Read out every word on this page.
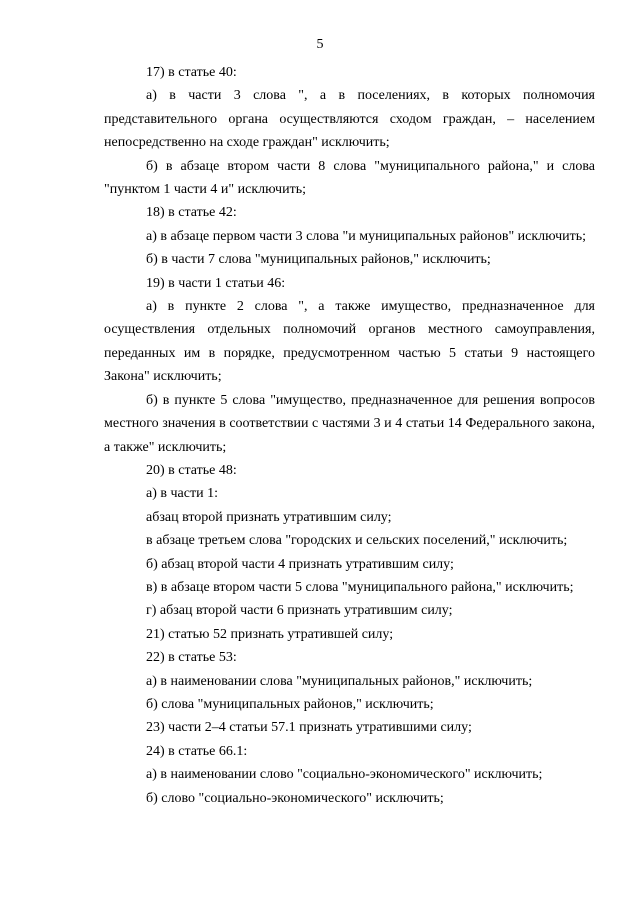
5

17) в статье 40:

а) в части 3 слова ", а в поселениях, в которых полномочия представительного органа осуществляются сходом граждан, – населением непосредственно на сходе граждан" исключить;

б) в абзаце втором части 8 слова "муниципального района," и слова "пунктом 1 части 4 и" исключить;

18) в статье 42:

а) в абзаце первом части 3 слова "и муниципальных районов" исключить;

б) в части 7 слова "муниципальных районов," исключить;

19) в части 1 статьи 46:

а) в пункте 2 слова ", а также имущество, предназначенное для осуществления отдельных полномочий органов местного самоуправления, переданных им в порядке, предусмотренном частью 5 статьи 9 настоящего Закона" исключить;

б) в пункте 5 слова "имущество, предназначенное для решения вопросов местного значения в соответствии с частями 3 и 4 статьи 14 Федерального закона, а также" исключить;

20) в статье 48:

а) в части 1:

абзац второй признать утратившим силу;

в абзаце третьем слова "городских и сельских поселений," исключить;

б) абзац второй части 4 признать утратившим силу;

в) в абзаце втором части 5 слова "муниципального района," исключить;

г) абзац второй части 6 признать утратившим силу;

21) статью 52 признать утратившей силу;

22) в статье 53:

а) в наименовании слова "муниципальных районов," исключить;

б) слова "муниципальных районов," исключить;

23) части 2–4 статьи 57.1 признать утратившими силу;

24) в статье 66.1:

а) в наименовании слово "социально-экономического" исключить;

б) слово "социально-экономического" исключить;
